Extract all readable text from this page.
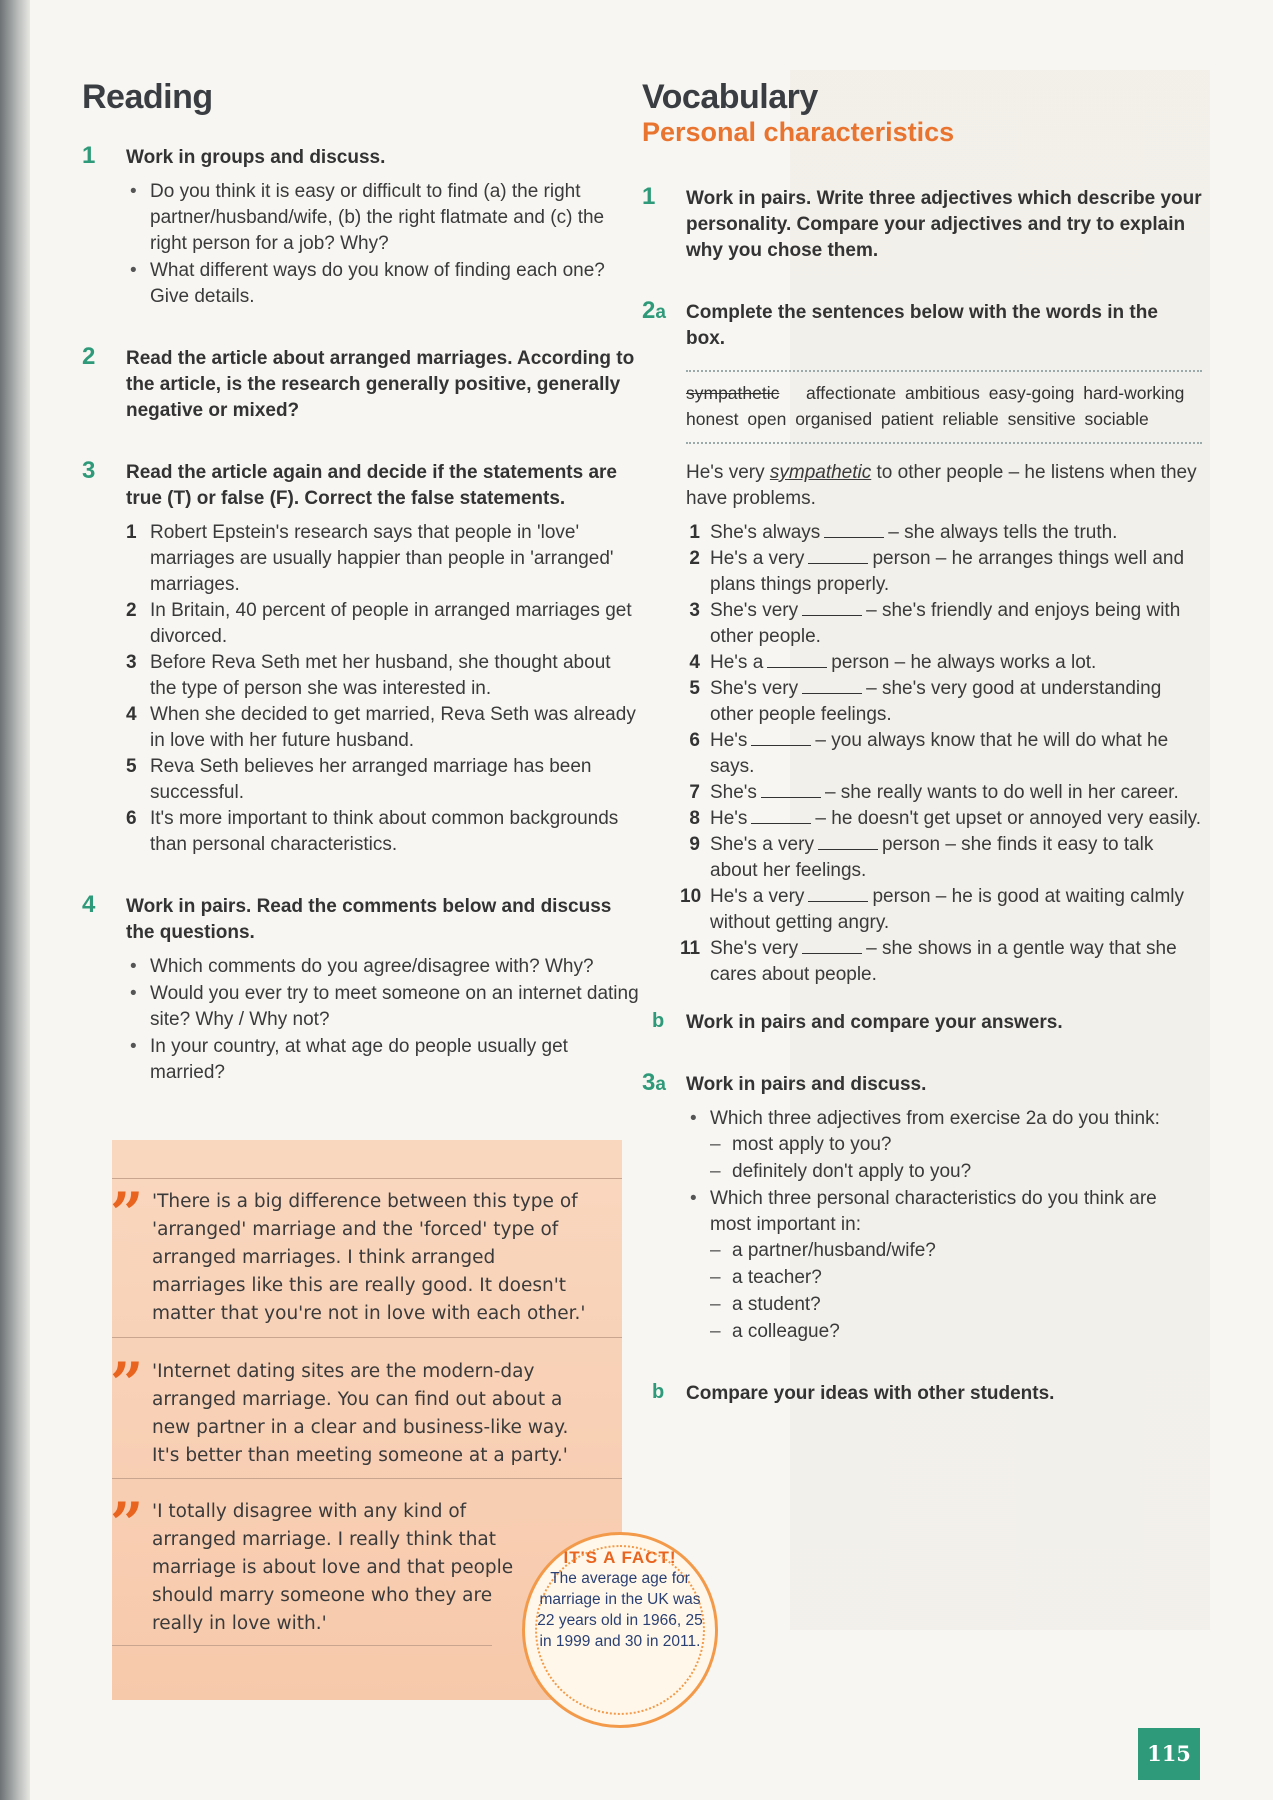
Reading
1 Work in groups and discuss.
• Do you think it is easy or difficult to find (a) the right partner/husband/wife, (b) the right flatmate and (c) the right person for a job? Why?
• What different ways do you know of finding each one? Give details.
2 Read the article about arranged marriages. According to the article, is the research generally positive, generally negative or mixed?
3 Read the article again and decide if the statements are true (T) or false (F). Correct the false statements.
1 Robert Epstein's research says that people in 'love' marriages are usually happier than people in 'arranged' marriages.
2 In Britain, 40 percent of people in arranged marriages get divorced.
3 Before Reva Seth met her husband, she thought about the type of person she was interested in.
4 When she decided to get married, Reva Seth was already in love with her future husband.
5 Reva Seth believes her arranged marriage has been successful.
6 It's more important to think about common backgrounds than personal characteristics.
4 Work in pairs. Read the comments below and discuss the questions.
• Which comments do you agree/disagree with? Why?
• Would you ever try to meet someone on an internet dating site? Why / Why not?
• In your country, at what age do people usually get married?
” 'There is a big difference between this type of 'arranged' marriage and the 'forced' type of arranged marriages. I think arranged marriages like this are really good. It doesn't matter that you're not in love with each other.'
” 'Internet dating sites are the modern-day arranged marriage. You can find out about a new partner in a clear and business-like way. It's better than meeting someone at a party.'
” 'I totally disagree with any kind of arranged marriage. I really think that marriage is about love and that people should marry someone who they are really in love with.'
IT'S A FACT!
The average age for marriage in the UK was 22 years old in 1966, 25 in 1999 and 30 in 2011.
Vocabulary
Personal characteristics
1 Work in pairs. Write three adjectives which describe your personality. Compare your adjectives and try to explain why you chose them.
2a Complete the sentences below with the words in the box.
sympathetic affectionate ambitious easy-going hard-working honest open organised patient reliable sensitive sociable
He's very sympathetic to other people – he listens when they have problems.
1 She's always	– she always tells the truth.
2 He's a very	person – he arranges things well and plans things properly.
3 She's very	– she's friendly and enjoys being with other people.
4 He's a	person – he always works a lot.
5 She's very	– she's very good at understanding other people feelings.
6 He's	– you always know that he will do what he says.
7 She's	– she really wants to do well in her career.
8 He's	– he doesn't get upset or annoyed very easily.
9 She's a very	person – she finds it easy to talk about her feelings.
10 He's a very	person – he is good at waiting calmly without getting angry.
11 She's very	– she shows in a gentle way that she cares about people.
b Work in pairs and compare your answers.
3a Work in pairs and discuss.
• Which three adjectives from exercise 2a do you think:
– most apply to you?
– definitely don't apply to you?
• Which three personal characteristics do you think are most important in:
– a partner/husband/wife?
– a teacher?
– a student?
– a colleague?
b Compare your ideas with other students.
115
